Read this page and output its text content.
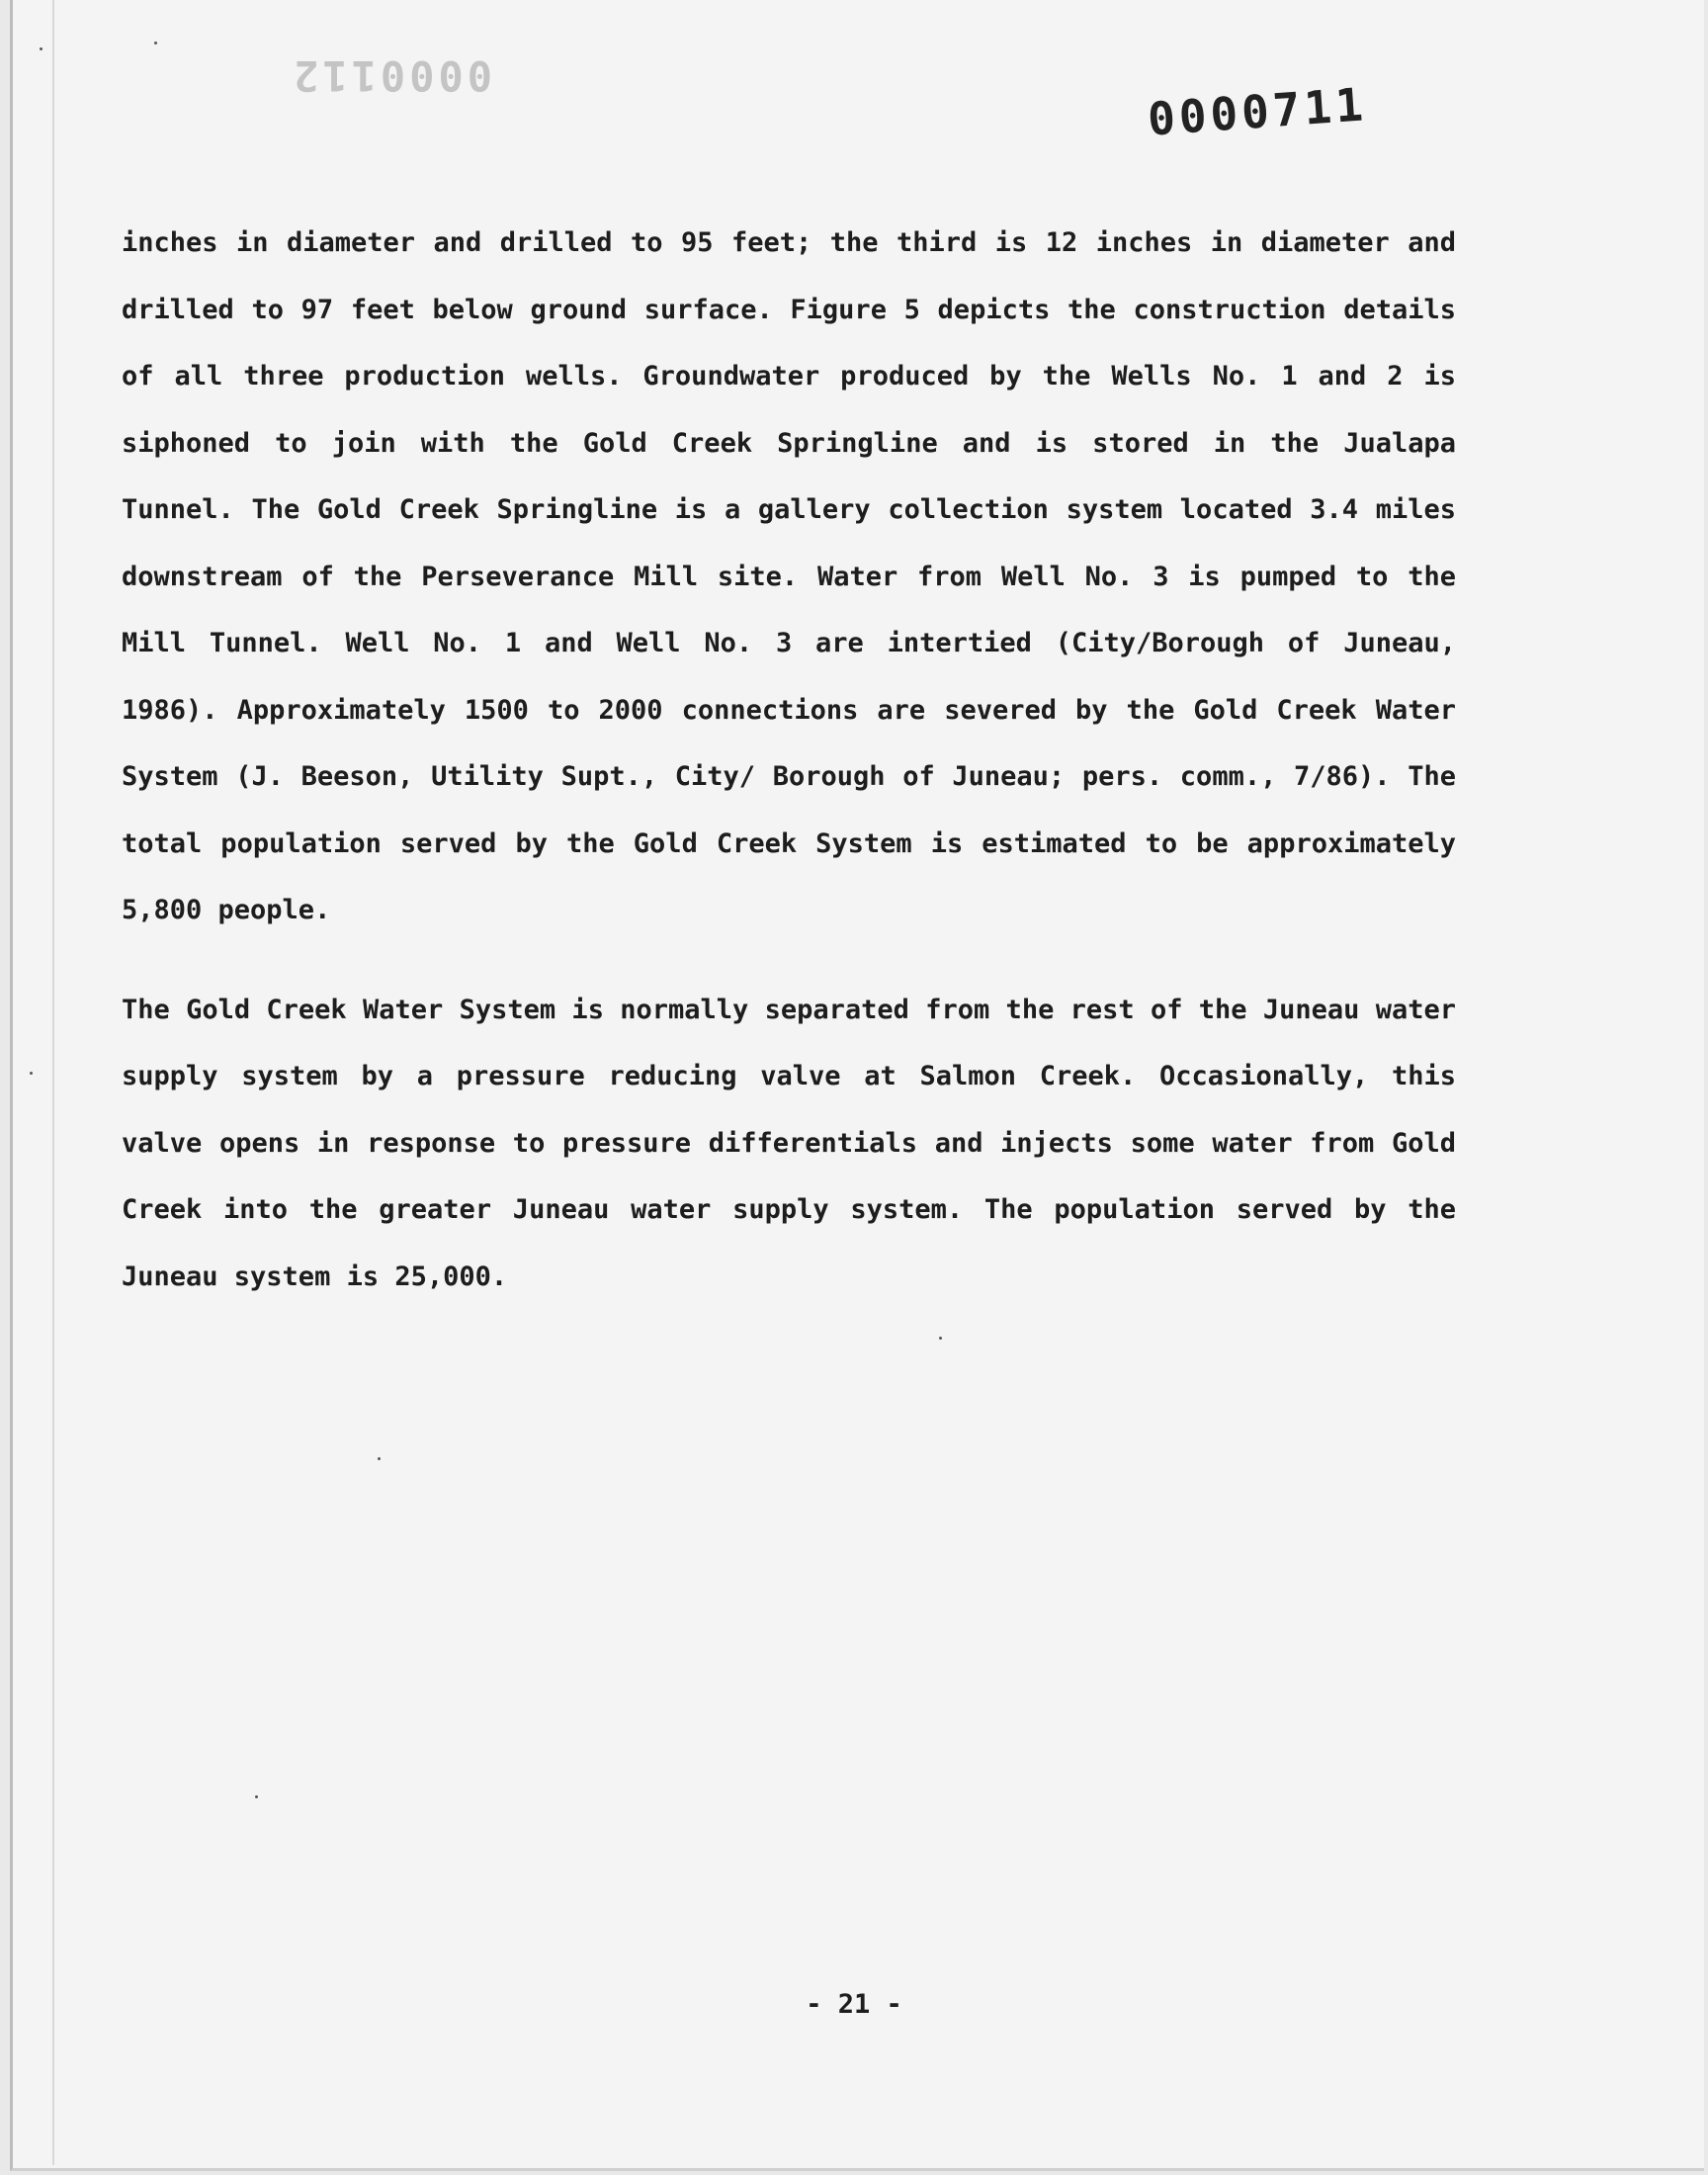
0000112
0000711

inches in diameter and drilled to 95 feet; the third is 12 inches in diameter and drilled to 97 feet below ground surface. Figure 5 depicts the construction details of all three production wells. Groundwater produced by the Wells No. 1 and 2 is siphoned to join with the Gold Creek Springline and is stored in the Jualapa Tunnel. The Gold Creek Springline is a gallery collection system located 3.4 miles downstream of the Perseverance Mill site. Water from Well No. 3 is pumped to the Mill Tunnel. Well No. 1 and Well No. 3 are intertied (City/Borough of Juneau, 1986). Approximately 1500 to 2000 connections are severed by the Gold Creek Water System (J. Beeson, Utility Supt., City/ Borough of Juneau; pers. comm., 7/86). The total population served by the Gold Creek System is estimated to be approximately 5,800 people.

The Gold Creek Water System is normally separated from the rest of the Juneau water supply system by a pressure reducing valve at Salmon Creek. Occasionally, this valve opens in response to pressure differentials and injects some water from Gold Creek into the greater Juneau water supply system. The population served by the Juneau system is 25,000.

- 21 -
